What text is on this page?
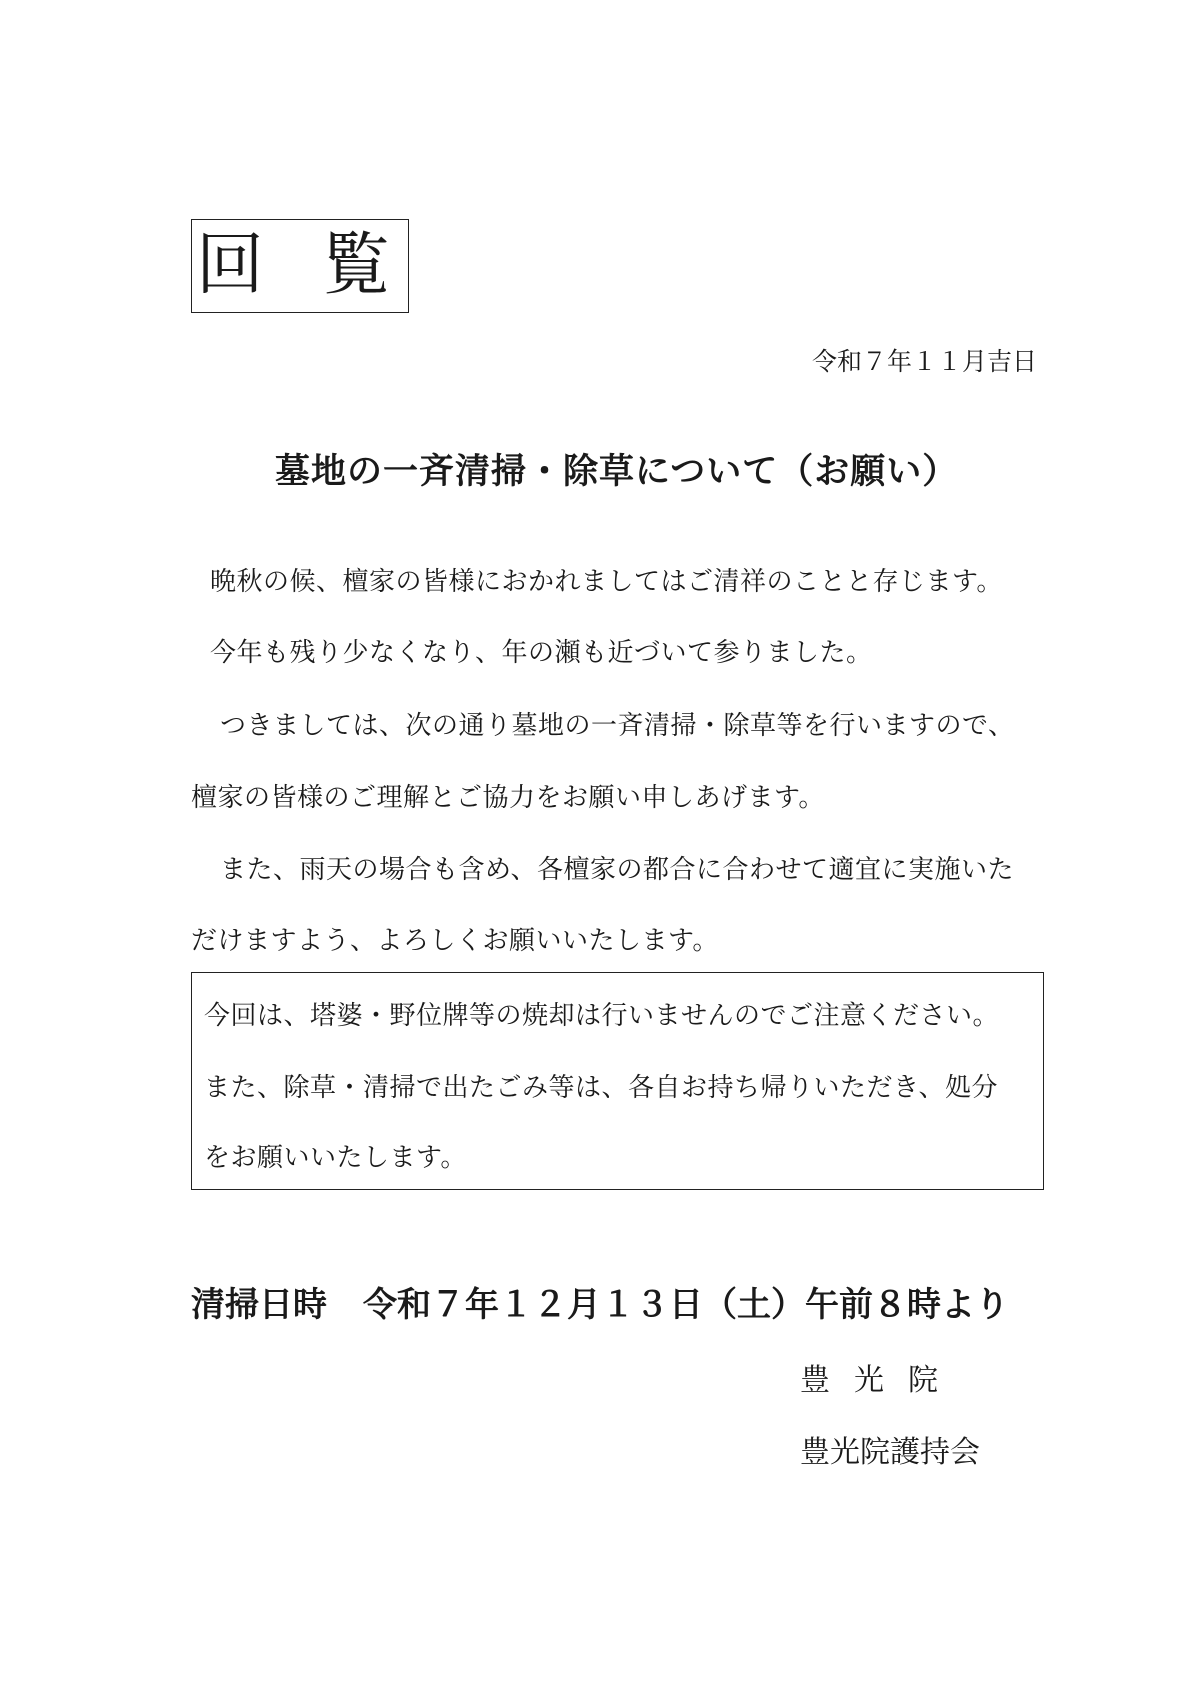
回 覧
令和７年１１月吉日
墓地の一斉清掃・除草について（お願い）
晩秋の候、檀家の皆様におかれましてはご清祥のことと存じます。
今年も残り少なくなり、年の瀬も近づいて参りました。
つきましては、次の通り墓地の一斉清掃・除草等を行いますので、
檀家の皆様のご理解とご協力をお願い申しあげます。
また、雨天の場合も含め、各檀家の都合に合わせて適宜に実施いた
だけますよう、よろしくお願いいたします。
今回は、塔婆・野位牌等の焼却は行いませんのでご注意ください。
また、除草・清掃で出たごみ等は、各自お持ち帰りいただき、処分
をお願いいたします。
清掃日時 令和７年１２月１３日（土）午前８時より
豊光院
豊光院護持会
